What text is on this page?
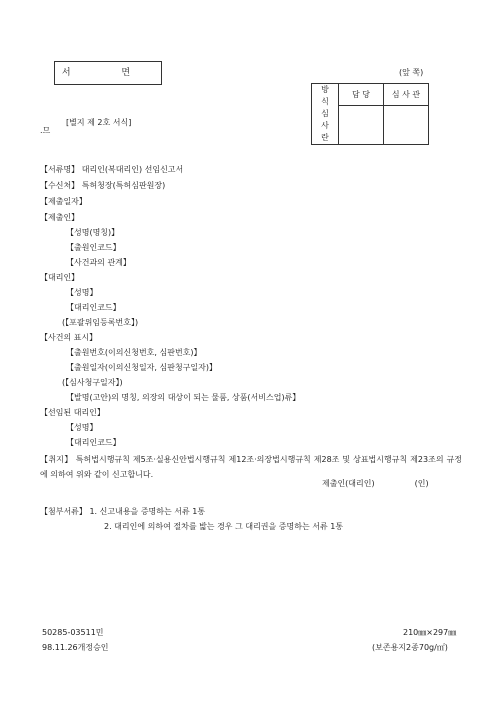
서 면	(앞 쪽)
방
식
심
사
란	담 당	심 사 관

[별지 제 2호 서식]
.므
【서류명】 대리인(복대리인) 선임신고서
【수신처】 특허청장(특허심판원장)
【제출일자】
【제출인】
【성명(명칭)】
【출원인코드】
【사건과의 관계】
【대리인】
【성명】
【대리인코드】
(【포괄위임등록번호】)
【사건의 표시】
【출원번호(이의신청번호, 심판번호)】
【출원일자(이의신청일자, 심판청구일자)】
(【심사청구일자】)
【발명(고안)의 명칭, 의장의 대상이 되는 물품, 상품(서비스업)류】
【선임된 대리인】
【성명】
【대리인코드】
【취지】 특허법시행규칙 제5조·실용신안법시행규칙 제12조·의장법시행규칙 제28조 및 상표법시행규칙 제23조의 규정에 의하여 위와 같이 신고합니다.
제출인(대리인)	(인)
【첨부서류】 1. 신고내용을 증명하는 서류 1통
2. 대리인에 의하여 절차를 밟는 경우 그 대리권을 증명하는 서류 1통
50285-03511민
98.11.26개정승인
210㎜×297㎜
(보존용지2종70g/㎡)
